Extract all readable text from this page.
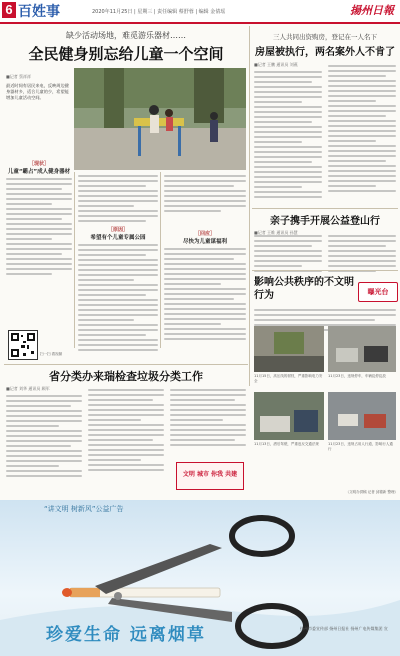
6 百姓事	2020年11月25日 | 星期三 | 责任编辑 蔡舒蓉 | 编辑 金倩瑶	揚州日報
缺少活动场地，难觅游乐器材……
全民健身别忘给儿童一个空间
■记者 蔡祥祥
最近时间有居民来电，反映周边健身器材多，适合儿童的少，希望能增加儿童活动空间。
［现状］
儿童“霸占”成人健身器材
扫一扫 看视频
［原因］
希望有个儿童专属公园
［回应］
尽快为儿童谋福利
三人共同出资购房，登记在一人名下
房屋被执行，两名案外人不肯了
■记者 王鹏 通讯员 刘燕
亲子携手开展公益登山行
■记者 王维 通讯员 孙慧
影响公共秩序的不文明行为	曝光台
省分类办来瑞检查垃圾分类工作
■记者 刘华 通讯员 顾军
文明 城市 你我 共建
11月15日，高压线的树枝，严重影响电力安全
11月23日，违规停车，车辆乱停乱放
11月13日，酒后驾驶，严重违反交通法规	11月23日，违规占用人行道，影响行人通行
（文明办供稿 记者 邱德新 整理）
“讲文明 树新风”公益广告
珍爱生命 远离烟草	扬州市委宣传部 扬州日报社 扬州广电传媒集团 宣
